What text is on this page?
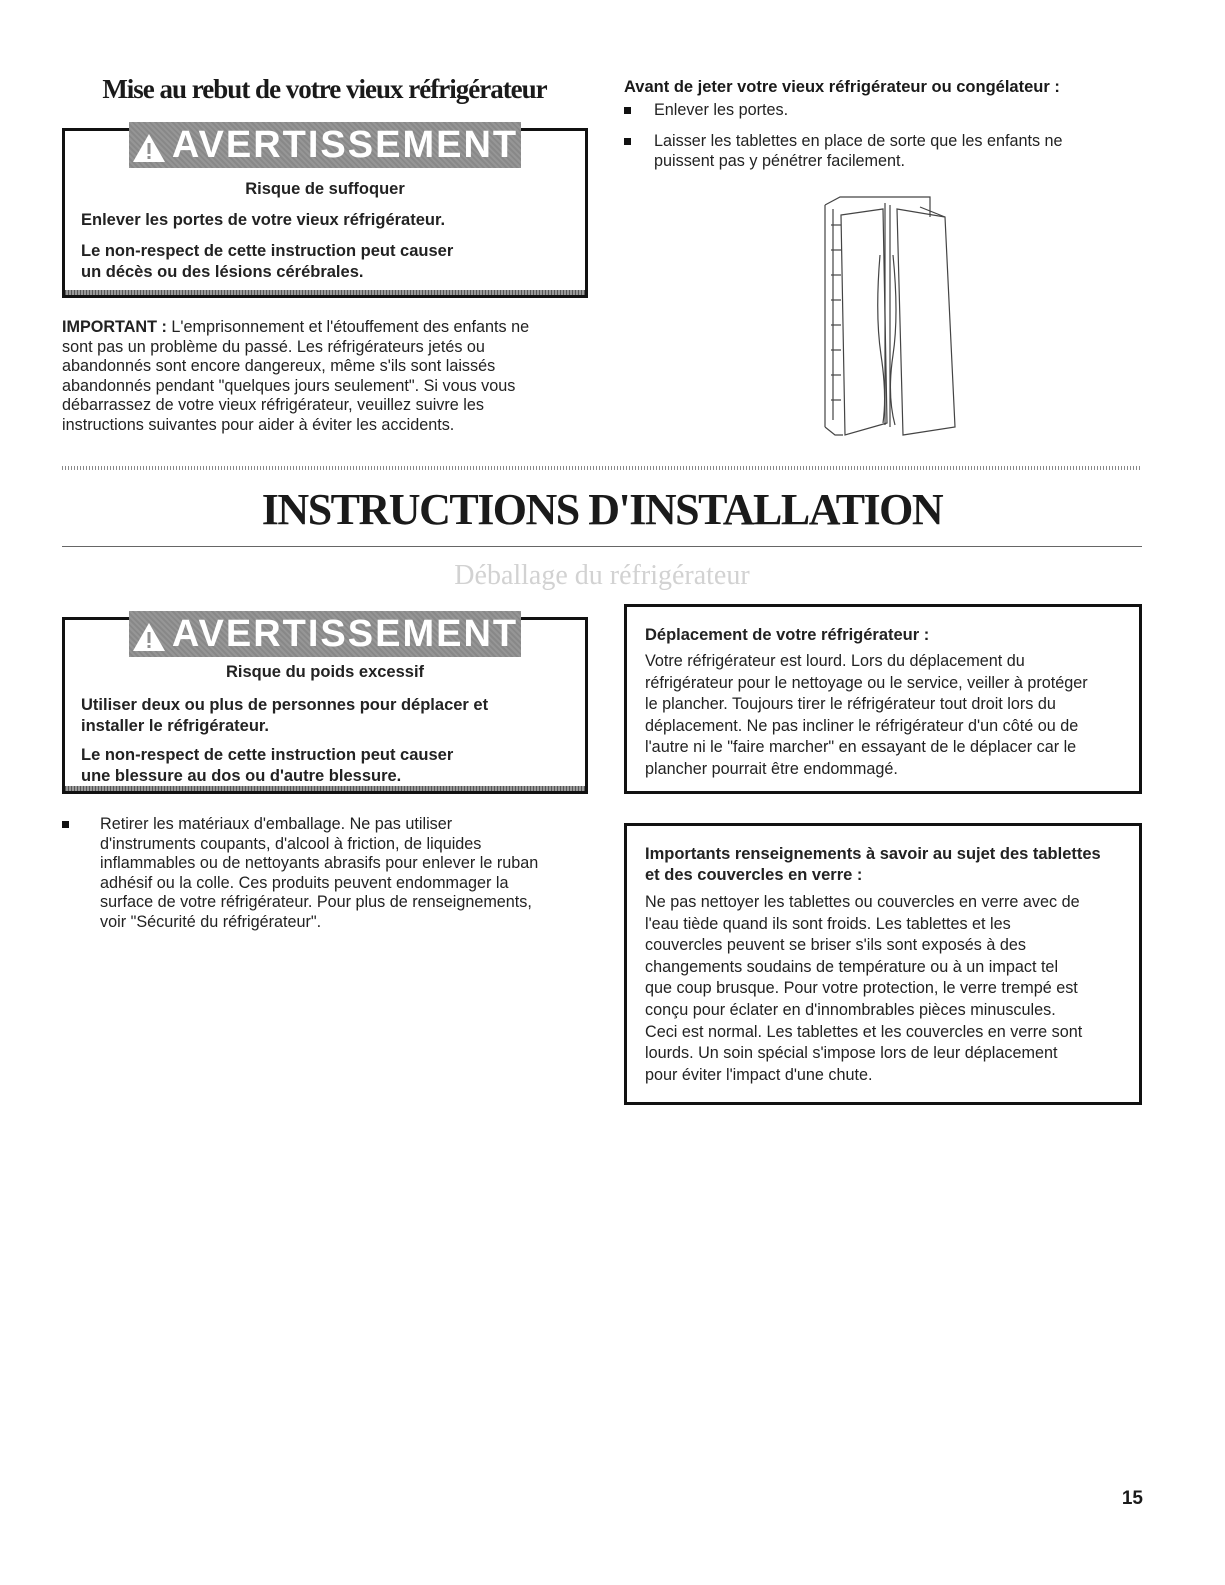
Mise au rebut de votre vieux réfrigérateur
AVERTISSEMENT
Risque de suffoquer
Enlever les portes de votre vieux réfrigérateur.
Le non-respect de cette instruction peut causer
un décès ou des lésions cérébrales.
IMPORTANT : L'emprisonnement et l'étouffement des enfants ne
sont pas un problème du passé. Les réfrigérateurs jetés ou
abandonnés sont encore dangereux, même s'ils sont laissés
abandonnés pendant "quelques jours seulement". Si vous vous
débarrassez de votre vieux réfrigérateur, veuillez suivre les
instructions suivantes pour aider à éviter les accidents.
Avant de jeter votre vieux réfrigérateur ou congélateur :
Enlever les portes.
Laisser les tablettes en place de sorte que les enfants ne
puissent pas y pénétrer facilement.
INSTRUCTIONS D'INSTALLATION
Déballage du réfrigérateur
AVERTISSEMENT
Risque du poids excessif
Utiliser deux ou plus de personnes pour déplacer et
installer le réfrigérateur.
Le non-respect de cette instruction peut causer
une blessure au dos ou d'autre blessure.
Retirer les matériaux d'emballage. Ne pas utiliser
d'instruments coupants, d'alcool à friction, de liquides
inflammables ou de nettoyants abrasifs pour enlever le ruban
adhésif ou la colle. Ces produits peuvent endommager la
surface de votre réfrigérateur. Pour plus de renseignements,
voir "Sécurité du réfrigérateur".
Déplacement de votre réfrigérateur :
Votre réfrigérateur est lourd. Lors du déplacement du
réfrigérateur pour le nettoyage ou le service, veiller à protéger
le plancher. Toujours tirer le réfrigérateur tout droit lors du
déplacement. Ne pas incliner le réfrigérateur d'un côté ou de
l'autre ni le "faire marcher" en essayant de le déplacer car le
plancher pourrait être endommagé.
Importants renseignements à savoir au sujet des tablettes
et des couvercles en verre :
Ne pas nettoyer les tablettes ou couvercles en verre avec de
l'eau tiède quand ils sont froids. Les tablettes et les
couvercles peuvent se briser s'ils sont exposés à des
changements soudains de température ou à un impact tel
que coup brusque. Pour votre protection, le verre trempé est
conçu pour éclater en d'innombrables pièces minuscules.
Ceci est normal. Les tablettes et les couvercles en verre sont
lourds. Un soin spécial s'impose lors de leur déplacement
pour éviter l'impact d'une chute.
15
